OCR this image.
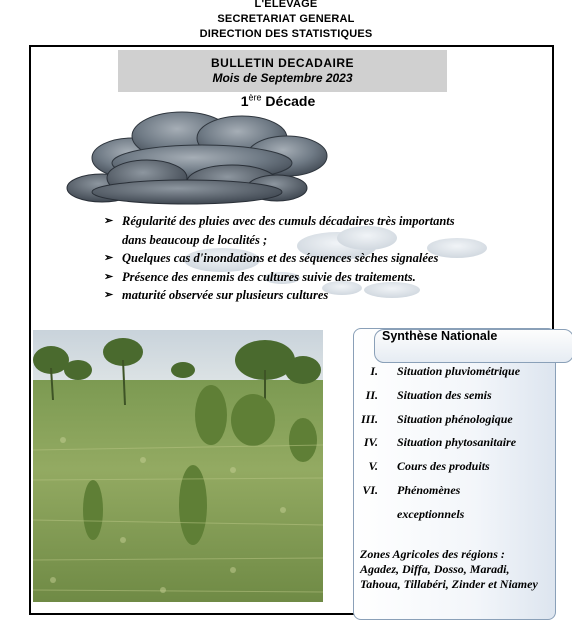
L'ELEVAGE
SECRETARIAT GENERAL
DIRECTION DES STATISTIQUES
BULLETIN DECADAIRE
Mois de Septembre 2023
1ère Décade
➢ Régularité des pluies avec des cumuls décadaires très importants
dans beaucoup de localités ;
➢ Quelques cas d'inondations et des séquences sèches signalées
➢ Présence des ennemis des cultures suivie des traitements.
➢ maturité observée sur plusieurs cultures
Synthèse Nationale
I. Situation pluviométrique
II. Situation des semis
III. Situation phénologique
IV. Situation phytosanitaire
V. Cours des produits
VI. Phénomènes
exceptionnels
Zones Agricoles des régions : Agadez, Diffa, Dosso, Maradi, Tahoua, Tillabéri, Zinder et Niamey
